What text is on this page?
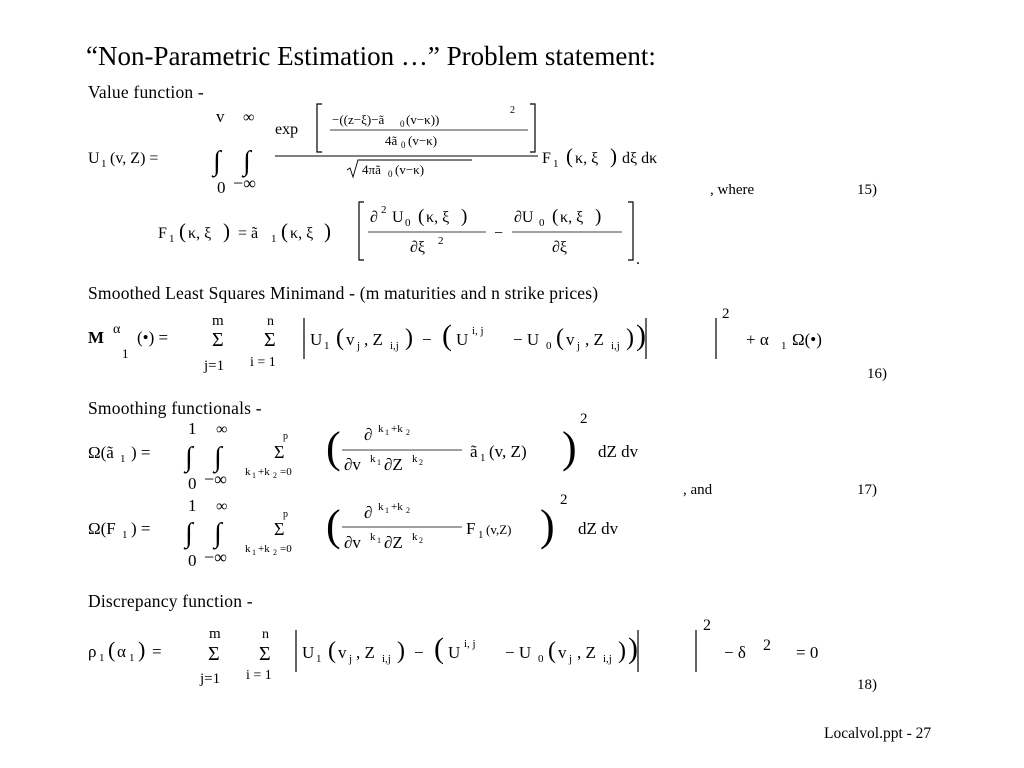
“Non-Parametric Estimation …” Problem statement:
Value function -
Smoothed Least Squares Minimand - (m maturities and n strike prices)
Smoothing functionals -
Discrepancy function -
, where	15)
16)
, and	17)
18)
U 1 (v, Z) =
v ∞
∫ ∫
0 −∞
exp
−((z−ξ)−ã 0 (v−κ))
2
4ã 0 (v−κ)
4πã 0 (v−κ)
F 1 ( κ, ξ ) dξ dκ
F 1 ( κ, ξ ) = ã 1 ( κ, ξ )
∂ 2 U 0 ( κ, ξ )
∂ξ 2	−
∂U 0 ( κ, ξ )
∂ξ
.
M α
1
(•) =
m
Σ
j=1
n
Σ
i = 1
U 1 ( v j , Z i,j ) − ( U i, j − U 0 ( v j , Z i,j ) )
2
+ α 1 Ω(•)
Ω(ã 1 ) =
1 ∞
∫ ∫
0 −∞
p
Σ
k 1 +k 2 =0 ( ∂ k 1 +k 2
∂v k 1 ∂Z k 2
ã 1 (v, Z) )
2
dZ dv
Ω(F 1 ) =
1 ∞
∫ ∫
0 −∞
p
Σ
k 1 +k 2 =0 ( ∂ k 1 +k 2
∂v k 1 ∂Z k 2
F 1 (v,Z) )
2
dZ dv
ρ 1 ( α 1 ) =
m
Σ
j=1
n
Σ
i = 1
U 1 ( v j , Z i,j ) − ( U i, j − U 0 ( v j , Z i,j ) )
2
− δ 2 = 0
Localvol.ppt - 27
